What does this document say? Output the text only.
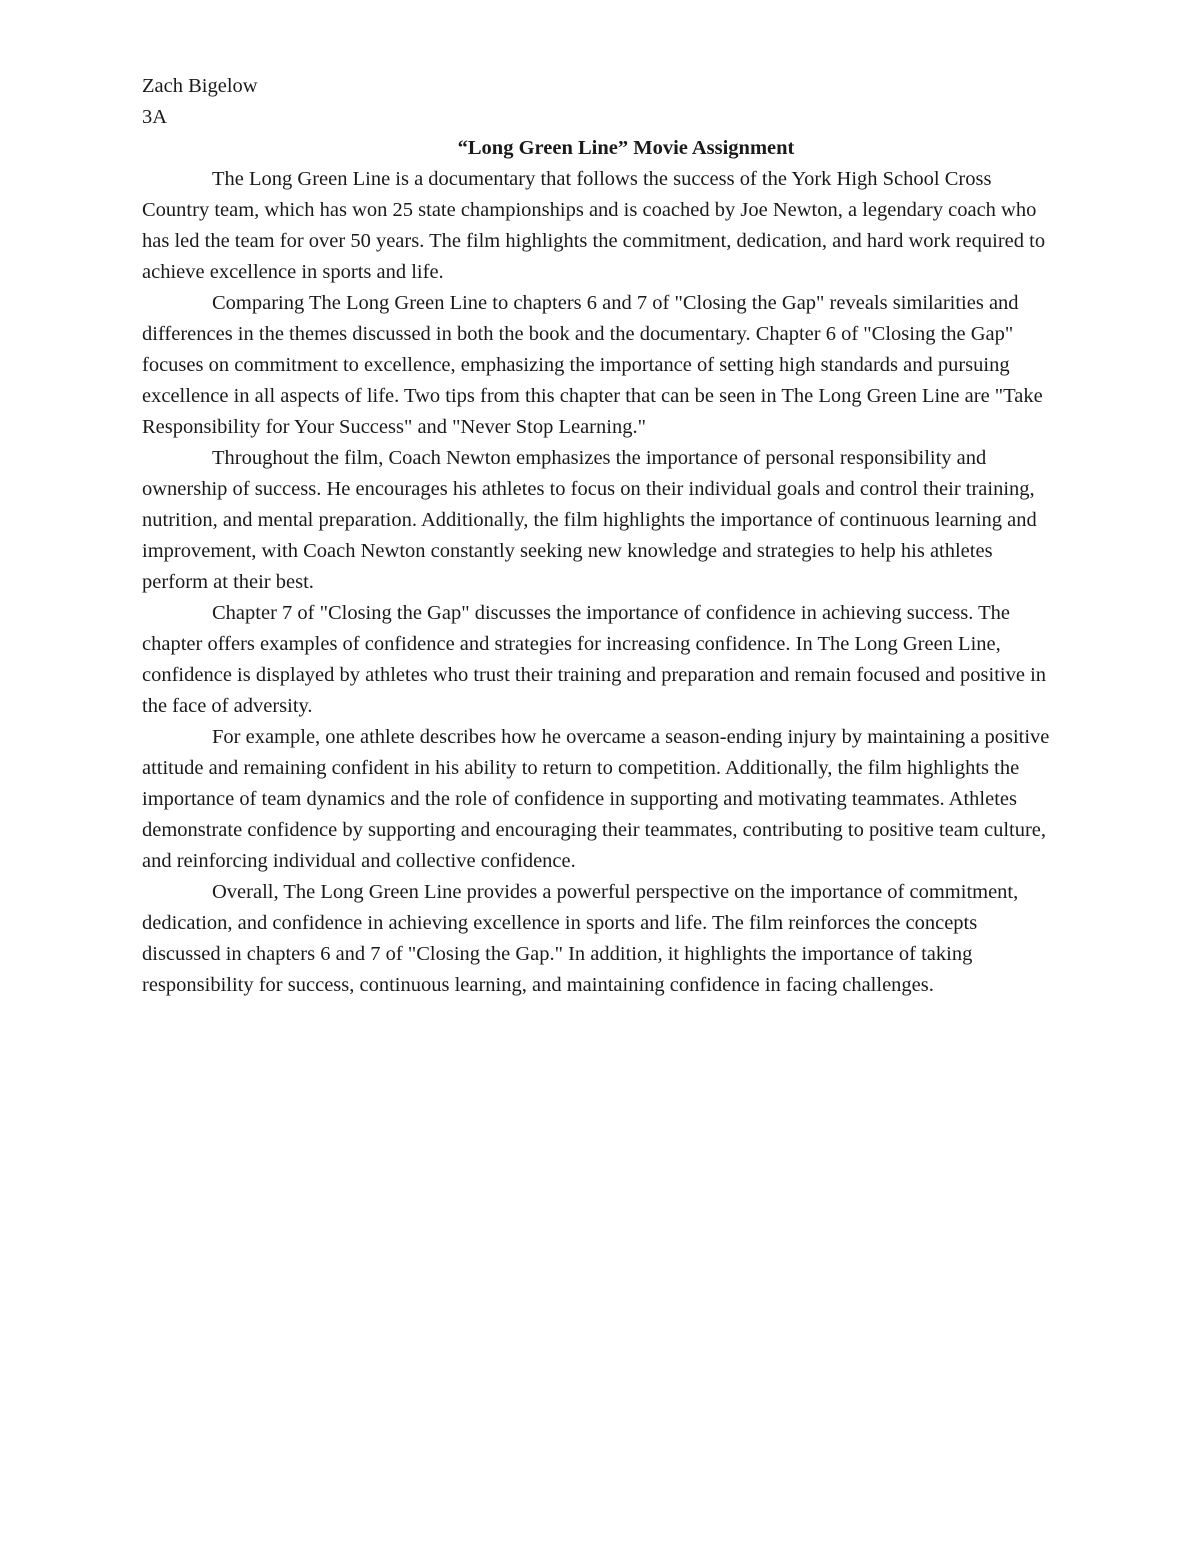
Zach Bigelow

3A

“Long Green Line” Movie Assignment

The Long Green Line is a documentary that follows the success of the York High School Cross Country team, which has won 25 state championships and is coached by Joe Newton, a legendary coach who has led the team for over 50 years. The film highlights the commitment, dedication, and hard work required to achieve excellence in sports and life.

Comparing The Long Green Line to chapters 6 and 7 of "Closing the Gap" reveals similarities and differences in the themes discussed in both the book and the documentary. Chapter 6 of "Closing the Gap" focuses on commitment to excellence, emphasizing the importance of setting high standards and pursuing excellence in all aspects of life. Two tips from this chapter that can be seen in The Long Green Line are "Take Responsibility for Your Success" and "Never Stop Learning."

Throughout the film, Coach Newton emphasizes the importance of personal responsibility and ownership of success. He encourages his athletes to focus on their individual goals and control their training, nutrition, and mental preparation. Additionally, the film highlights the importance of continuous learning and improvement, with Coach Newton constantly seeking new knowledge and strategies to help his athletes perform at their best.

Chapter 7 of "Closing the Gap" discusses the importance of confidence in achieving success. The chapter offers examples of confidence and strategies for increasing confidence. In The Long Green Line, confidence is displayed by athletes who trust their training and preparation and remain focused and positive in the face of adversity.

For example, one athlete describes how he overcame a season-ending injury by maintaining a positive attitude and remaining confident in his ability to return to competition. Additionally, the film highlights the importance of team dynamics and the role of confidence in supporting and motivating teammates. Athletes demonstrate confidence by supporting and encouraging their teammates, contributing to positive team culture, and reinforcing individual and collective confidence.

Overall, The Long Green Line provides a powerful perspective on the importance of commitment, dedication, and confidence in achieving excellence in sports and life. The film reinforces the concepts discussed in chapters 6 and 7 of "Closing the Gap." In addition, it highlights the importance of taking responsibility for success, continuous learning, and maintaining confidence in facing challenges.
